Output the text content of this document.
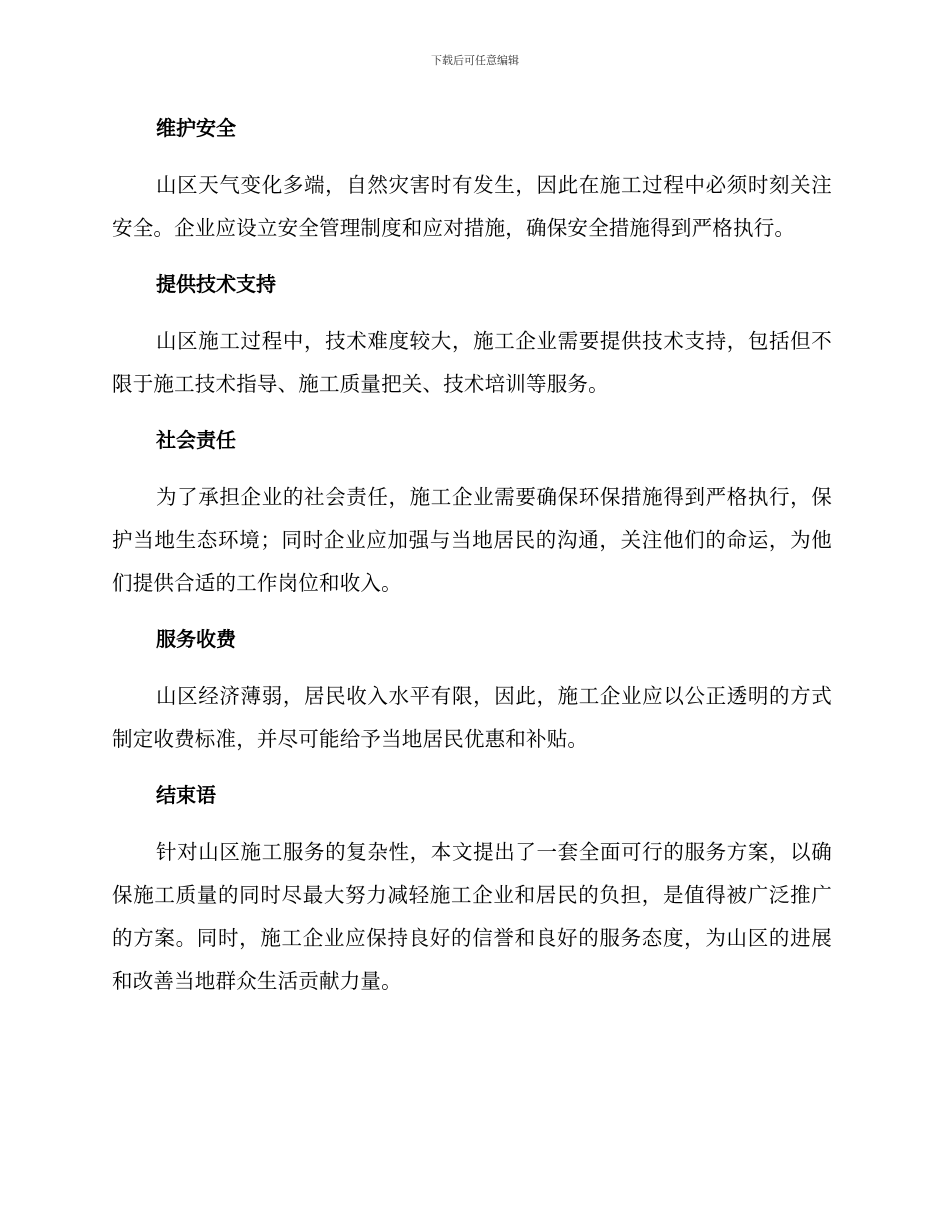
下载后可任意编辑
维护安全

山区天气变化多端，自然灾害时有发生，因此在施工过程中必须时刻关注安全。企业应设立安全管理制度和应对措施，确保安全措施得到严格执行。

提供技术支持

山区施工过程中，技术难度较大，施工企业需要提供技术支持，包括但不限于施工技术指导、施工质量把关、技术培训等服务。

社会责任

为了承担企业的社会责任，施工企业需要确保环保措施得到严格执行，保护当地生态环境；同时企业应加强与当地居民的沟通，关注他们的命运，为他们提供合适的工作岗位和收入。

服务收费

山区经济薄弱，居民收入水平有限，因此，施工企业应以公正透明的方式制定收费标准，并尽可能给予当地居民优惠和补贴。

结束语

针对山区施工服务的复杂性，本文提出了一套全面可行的服务方案，以确保施工质量的同时尽最大努力减轻施工企业和居民的负担，是值得被广泛推广的方案。同时，施工企业应保持良好的信誉和良好的服务态度，为山区的进展和改善当地群众生活贡献力量。
